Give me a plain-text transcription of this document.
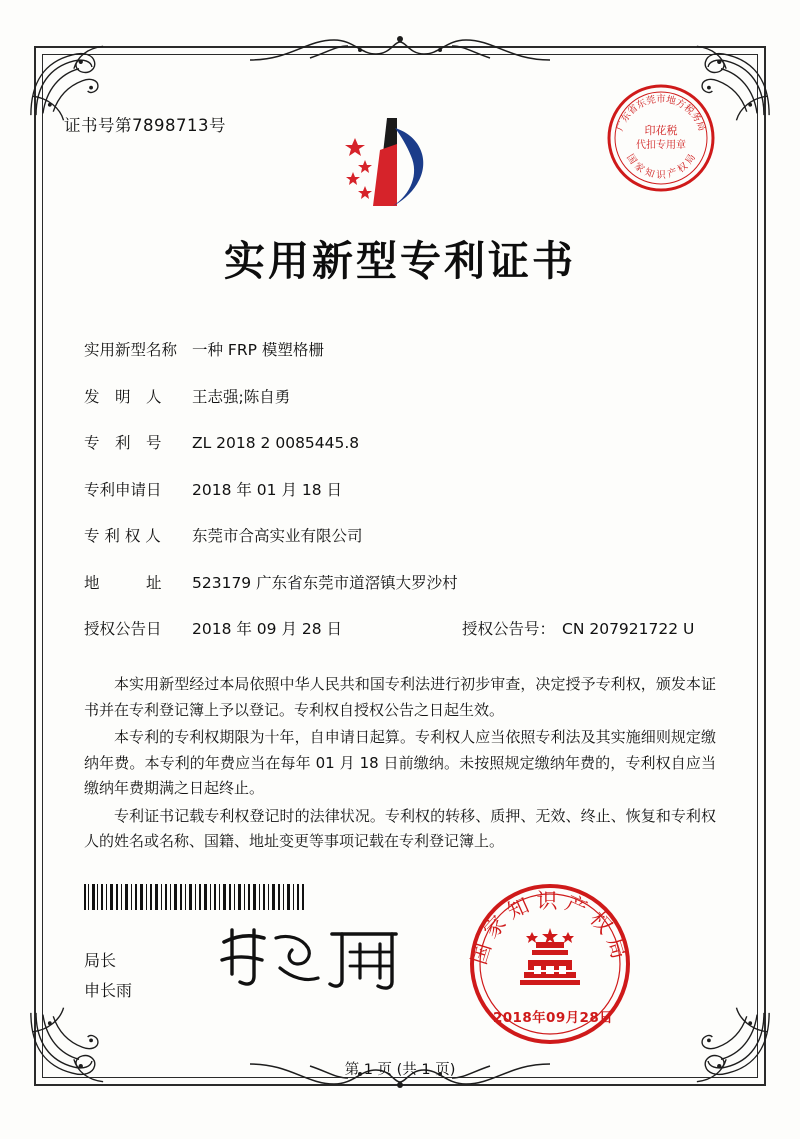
证书号第7898713号	广东省东莞市地方税务局
国 家 知 识 产 权 局
印花税
代扣专用章
实用新型专利证书
实用新型名称 一种 FRP 模塑格栅
发　明　人	王志强;陈自勇
专　利　号	ZL 2018 2 0085445.8
专利申请日	2018 年 01 月 18 日
专 利 权 人	东莞市合高实业有限公司
地　　　址	523179 广东省东莞市道滘镇大罗沙村
授权公告日	2018 年 09 月 28 日	授权公告号： CN 207921722 U

本实用新型经过本局依照中华人民共和国专利法进行初步审查，决定授予专利权，颁发本证书并在专利登记簿上予以登记。专利权自授权公告之日起生效。

本专利的专利权期限为十年，自申请日起算。专利权人应当依照专利法及其实施细则规定缴纳年费。本专利的年费应当在每年 01 月 18 日前缴纳。未按照规定缴纳年费的，专利权自应当缴纳年费期满之日起终止。

专利证书记载专利权登记时的法律状况。专利权的转移、质押、无效、终止、恢复和专利权人的姓名或名称、国籍、地址变更等事项记载在专利登记簿上。

局长
申长雨
国家知识产权局
2018年09月28日
第 1 页 (共 1 页)
